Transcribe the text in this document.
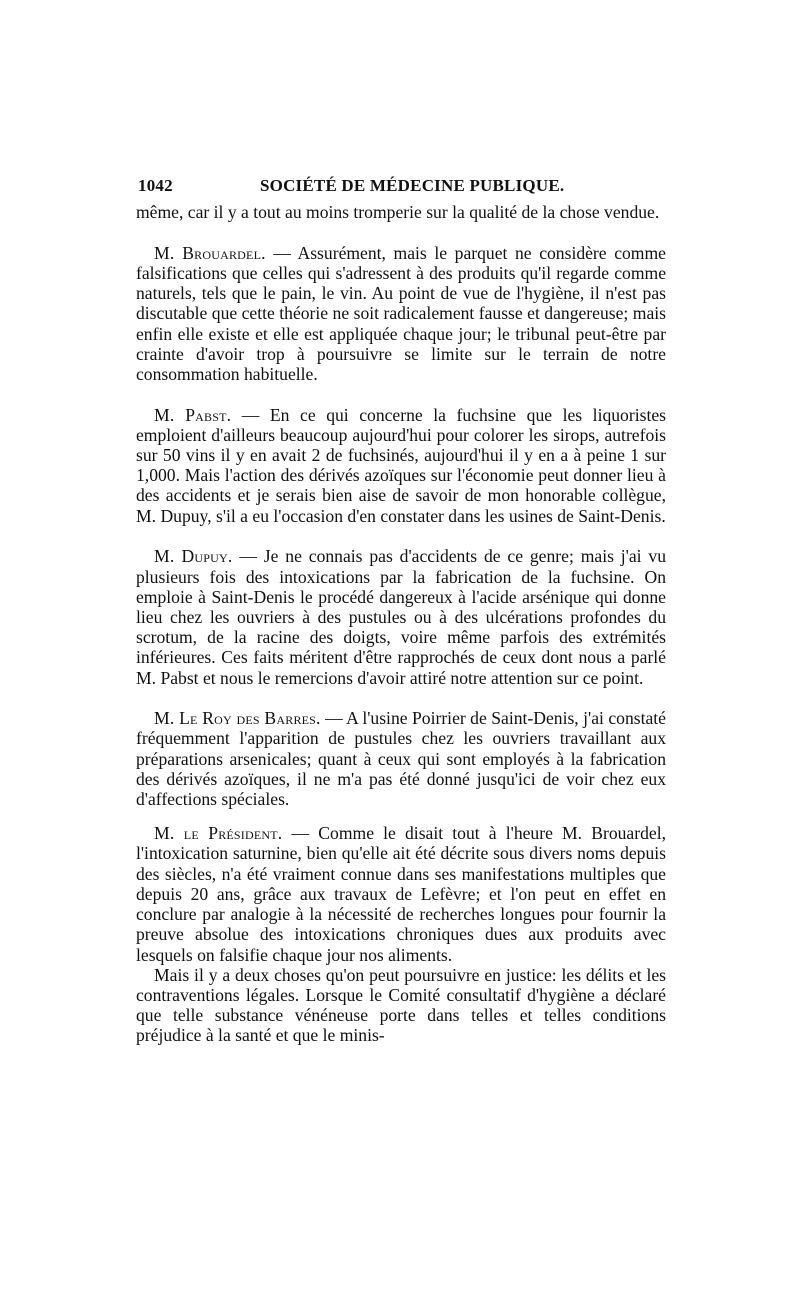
1042	SOCIÉTÉ DE MÉDECINE PUBLIQUE.

même, car il y a tout au moins tromperie sur la qualité de la chose vendue.

M. Brouardel. — Assurément, mais le parquet ne considère comme falsifications que celles qui s'adressent à des produits qu'il regarde comme naturels, tels que le pain, le vin. Au point de vue de l'hygiène, il n'est pas discutable que cette théorie ne soit radicalement fausse et dangereuse; mais enfin elle existe et elle est appliquée chaque jour; le tribunal peut-être par crainte d'avoir trop à poursuivre se limite sur le terrain de notre consommation habituelle.

M. Pabst. — En ce qui concerne la fuchsine que les liquoristes emploient d'ailleurs beaucoup aujourd'hui pour colorer les sirops, autrefois sur 50 vins il y en avait 2 de fuchsinés, aujourd'hui il y en a à peine 1 sur 1,000. Mais l'action des dérivés azoïques sur l'économie peut donner lieu à des accidents et je serais bien aise de savoir de mon honorable collègue, M. Dupuy, s'il a eu l'occasion d'en constater dans les usines de Saint-Denis.

M. Dupuy. — Je ne connais pas d'accidents de ce genre; mais j'ai vu plusieurs fois des intoxications par la fabrication de la fuchsine. On emploie à Saint-Denis le procédé dangereux à l'acide arsénique qui donne lieu chez les ouvriers à des pustules ou à des ulcérations profondes du scrotum, de la racine des doigts, voire même parfois des extrémités inférieures. Ces faits méritent d'être rapprochés de ceux dont nous a parlé M. Pabst et nous le remercions d'avoir attiré notre attention sur ce point.

M. Le Roy des Barres. — A l'usine Poirrier de Saint-Denis, j'ai constaté fréquemment l'apparition de pustules chez les ouvriers travaillant aux préparations arsenicales; quant à ceux qui sont employés à la fabrication des dérivés azoïques, il ne m'a pas été donné jusqu'ici de voir chez eux d'affections spéciales.

M. le Président. — Comme le disait tout à l'heure M. Brouardel, l'intoxication saturnine, bien qu'elle ait été décrite sous divers noms depuis des siècles, n'a été vraiment connue dans ses manifestations multiples que depuis 20 ans, grâce aux travaux de Lefèvre; et l'on peut en effet en conclure par analogie à la nécessité de recherches longues pour fournir la preuve absolue des intoxications chroniques dues aux produits avec lesquels on falsifie chaque jour nos aliments.

Mais il y a deux choses qu'on peut poursuivre en justice: les délits et les contraventions légales. Lorsque le Comité consultatif d'hygiène a déclaré que telle substance vénéneuse porte dans telles et telles conditions préjudice à la santé et que le minis-
